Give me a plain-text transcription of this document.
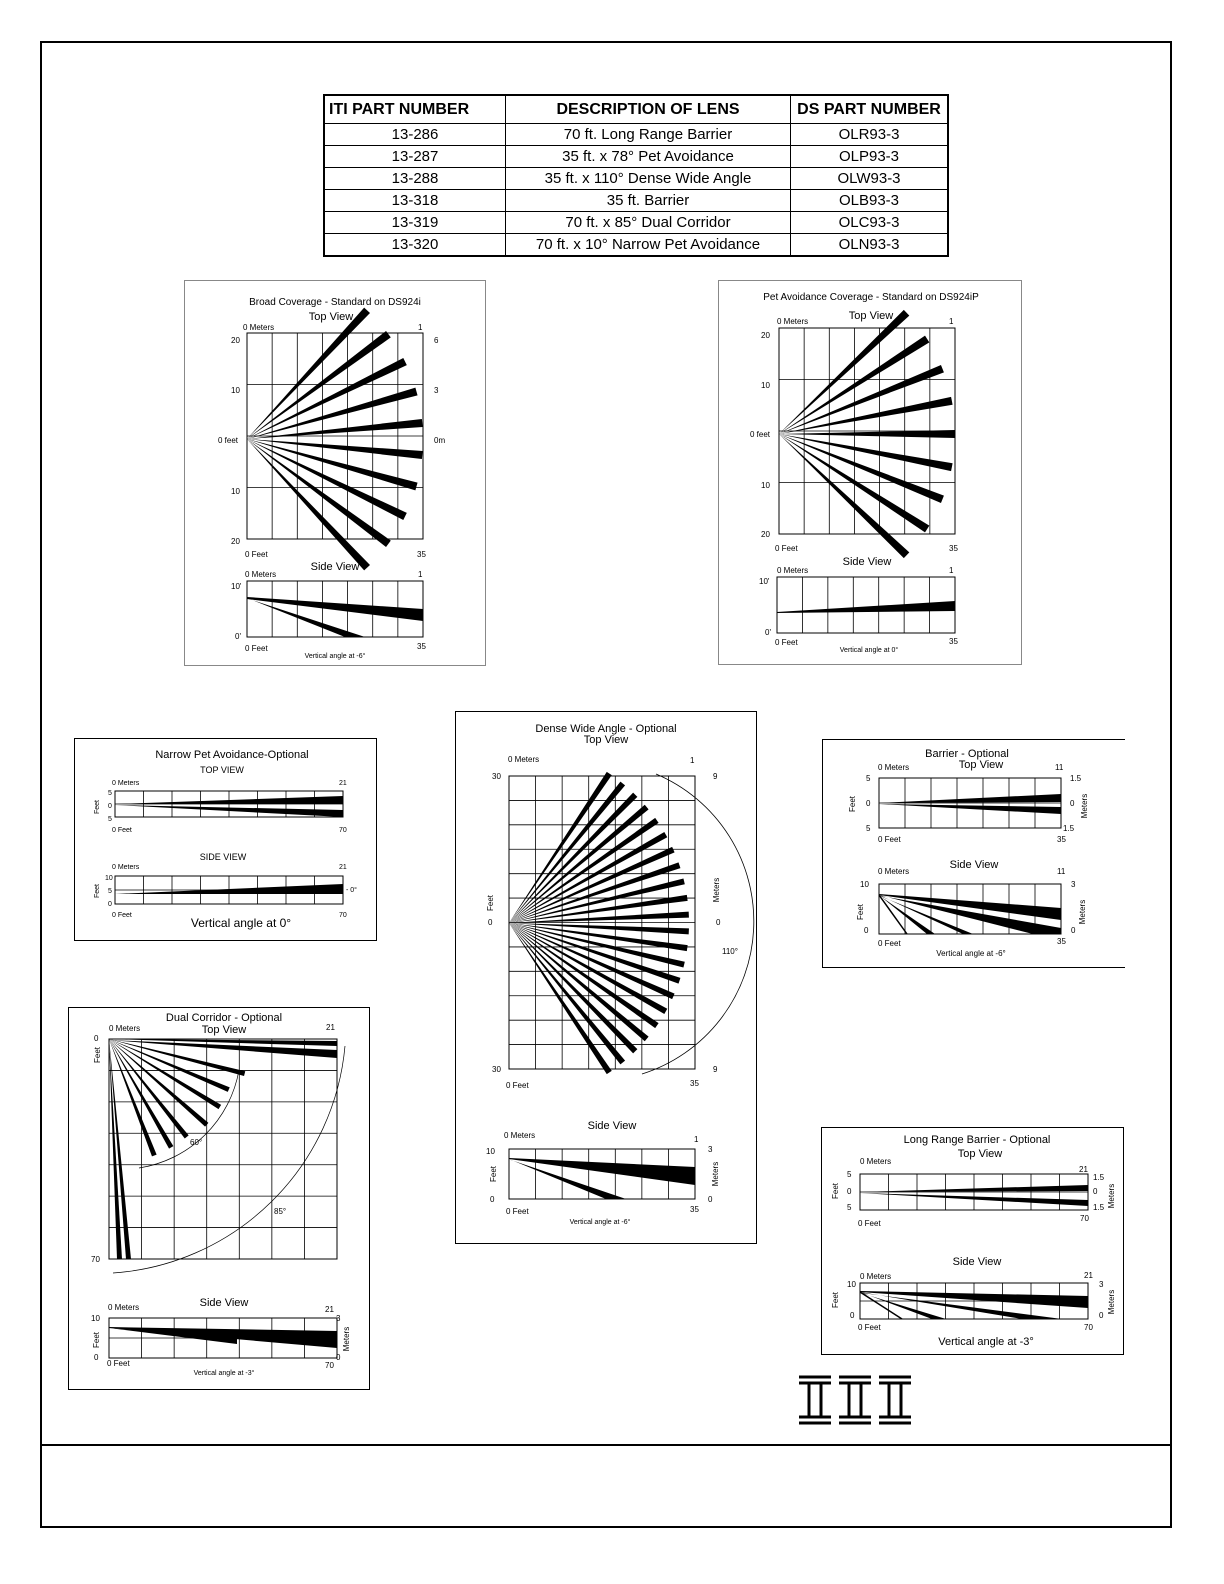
ITI PART NUMBER	DESCRIPTION OF LENS	DS PART NUMBER
13-286	70 ft. Long Range Barrier	OLR93-3
13-287	35 ft. x 78° Pet Avoidance	OLP93-3
13-288	35 ft. x 110° Dense Wide Angle	OLW93-3
13-318	35 ft. Barrier	OLB93-3
13-319	70 ft. x 85° Dual Corridor	OLC93-3
13-320	70 ft. x 10° Narrow Pet Avoidance	OLN93-3
Broad Coverage - Standard on DS924i
Top View
0 Meters	1
20
10
0 feet
10
20
6
3
0m
0 Feet	35
Side View
0 Meters	1
10'
0'
0 Feet	35
Vertical angle at -6°
Pet Avoidance Coverage - Standard on DS924iP
Top View
0 Meters	1
20
10
0 feet
10
20
0 Feet	35
Side View
0 Meters	1
10'
0'
0 Feet	35
Vertical angle at 0°
Narrow Pet Avoidance-Optional
TOP VIEW
0 Meters	21
5
0
5
Feet
0 Feet	70
SIDE VIEW
0 Meters	21
10
5
0
Feet	- 0°
0 Feet	70
Vertical angle at 0°
Dense Wide Angle - Optional
Top View
0 Meters	1
30
0
30
9
0
9
Feet
Meters
110°
0 Feet	35
Side View
0 Meters	1
10
0
3
0
Feet	Meters
0 Feet	35
Vertical angle at -6°
Barrier - Optional
Top View
0 Meters	11
5
0
5
1.5
0
1.5
Feet	Meters
0 Feet	35
Side View
0 Meters	11
10
0
3
0
Feet	Meters
0 Feet	35
Vertical angle at -6°
Dual Corridor - Optional
Top View
0 Meters	21
0
70
Feet
60°
85°
Side View
0 Meters	21
10
0
3
0
Feet	Meters
0 Feet	70
Vertical angle at -3°
Long Range Barrier - Optional
Top View
0 Meters
21
5
0
5
1.5
0
1.5
Feet	Meters
0 Feet
70
Side View
0 Meters	21
10
0
3
0
Feet	Meters
0 Feet	70
Vertical angle at -3°
